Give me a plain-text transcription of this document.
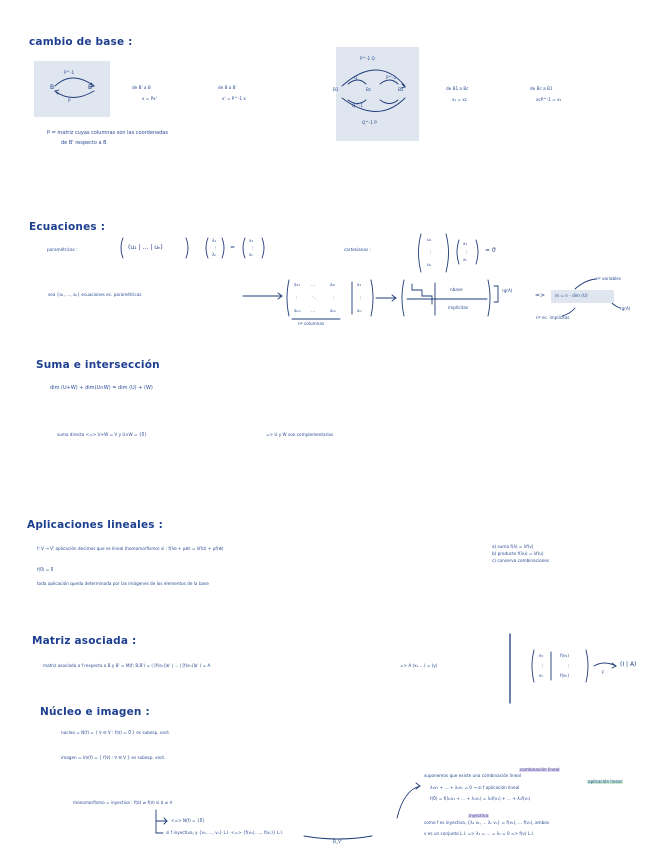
cambio de base :
P^-1
B	B'
P
de B' a B
x = Px'
de B a B'
x' = P^-1 x
P^-1 Q
B1	Bc	B2
Q	P^-1
Q^-1
Q^-1 P
de B1 a Bc
x₁ = xc
de Bc a B1
xcP^-1 = x₁
P = matriz cuyas columnas son las coordenadas
de B' respecto a B
Ecuaciones :
paramétricas :	(u₁ | … | uₙ)
λ₁
⋮
λₙ
=
x₁
⋮
xₙ
cartesianas :
u₁
⋮
uₙ
x₁
⋮
xₙ
= 0⃗
sea {a₁, …, aₙ} ecuaciones ec. paramétricas
a₁₁	…	a₁ₗ
∶	⋱	∶
aₘ₁ …	aₘₗ
x₁
⋮
xₘ
nº columnas
nbase
implícitas
rg(A)
=> m = n - dim (U)
nº variables
rg(A)
nº ec. implícitas
Suma e intersección
dim (U+W) + dim(U∩W) = dim (U) + (W)
suma directa <=> U+W = V y U∩W = {0⃗}	=> U y W son complementarios
Aplicaciones lineales :
f: V → V' aplicación decimos que es lineal (homomorfismo) si : f(λu⃗ + μw⃗) = λf(u⃗) + μf(w⃗)	a) suma f(λ) = λf(v)
b) producto f(λu) = λf(u)
c) conserva combinaciones
f(0⃗) = 0⃗
toda aplicación queda determinada por las imágenes de los elementos de la base
Matriz asociada :
matriz asociada a f respecto a B y B' = M(f; B,B') = ( [f(e₁)]ʙ' | … | [f(eₙ)]ʙ' ) = A	=> A (x₁ …) = (y)
e₁
⋮
eₙ
f(e₁)
⋮
f(eₙ)
F
(I | A)
Núcleo e imagen :
núcleo = N(f) = { v⃗ ∈ V : f(v⃗) = 0⃗ } es subesp. vect.
imagen = Im(f) = { f(v⃗) : v⃗ ∈ V } es subesp. vect.
monomorfismo = inyectiva : f(u⃗) ≠ f(v⃗) si u⃗ ≠ v⃗
<=> N(f) = {0⃗}
si f inyectiva, y {v₁, …, vₙ} L.I. <=> {f(v₁), …, f(vₙ)} L.I.
B_V'
suponemos que existe una combinación lineal
λ₁v₁ + … + λₙvₙ = 0 → si f aplicación lineal
f(0⃗) = f(λ₁v₁ + … + λₙvₙ) = λ₁f(v₁) + … + λₙf(vₙ)
como f es inyectiva, {λ₁ v₁, … λₙ vₙ} = f(v₁), … f(vₙ), ambos
v es un conjunto L.I. => λ₁ = … = λₙ = 0 => f(v) L.I.
combinación lineal
aplicación lineal
inyectiva
